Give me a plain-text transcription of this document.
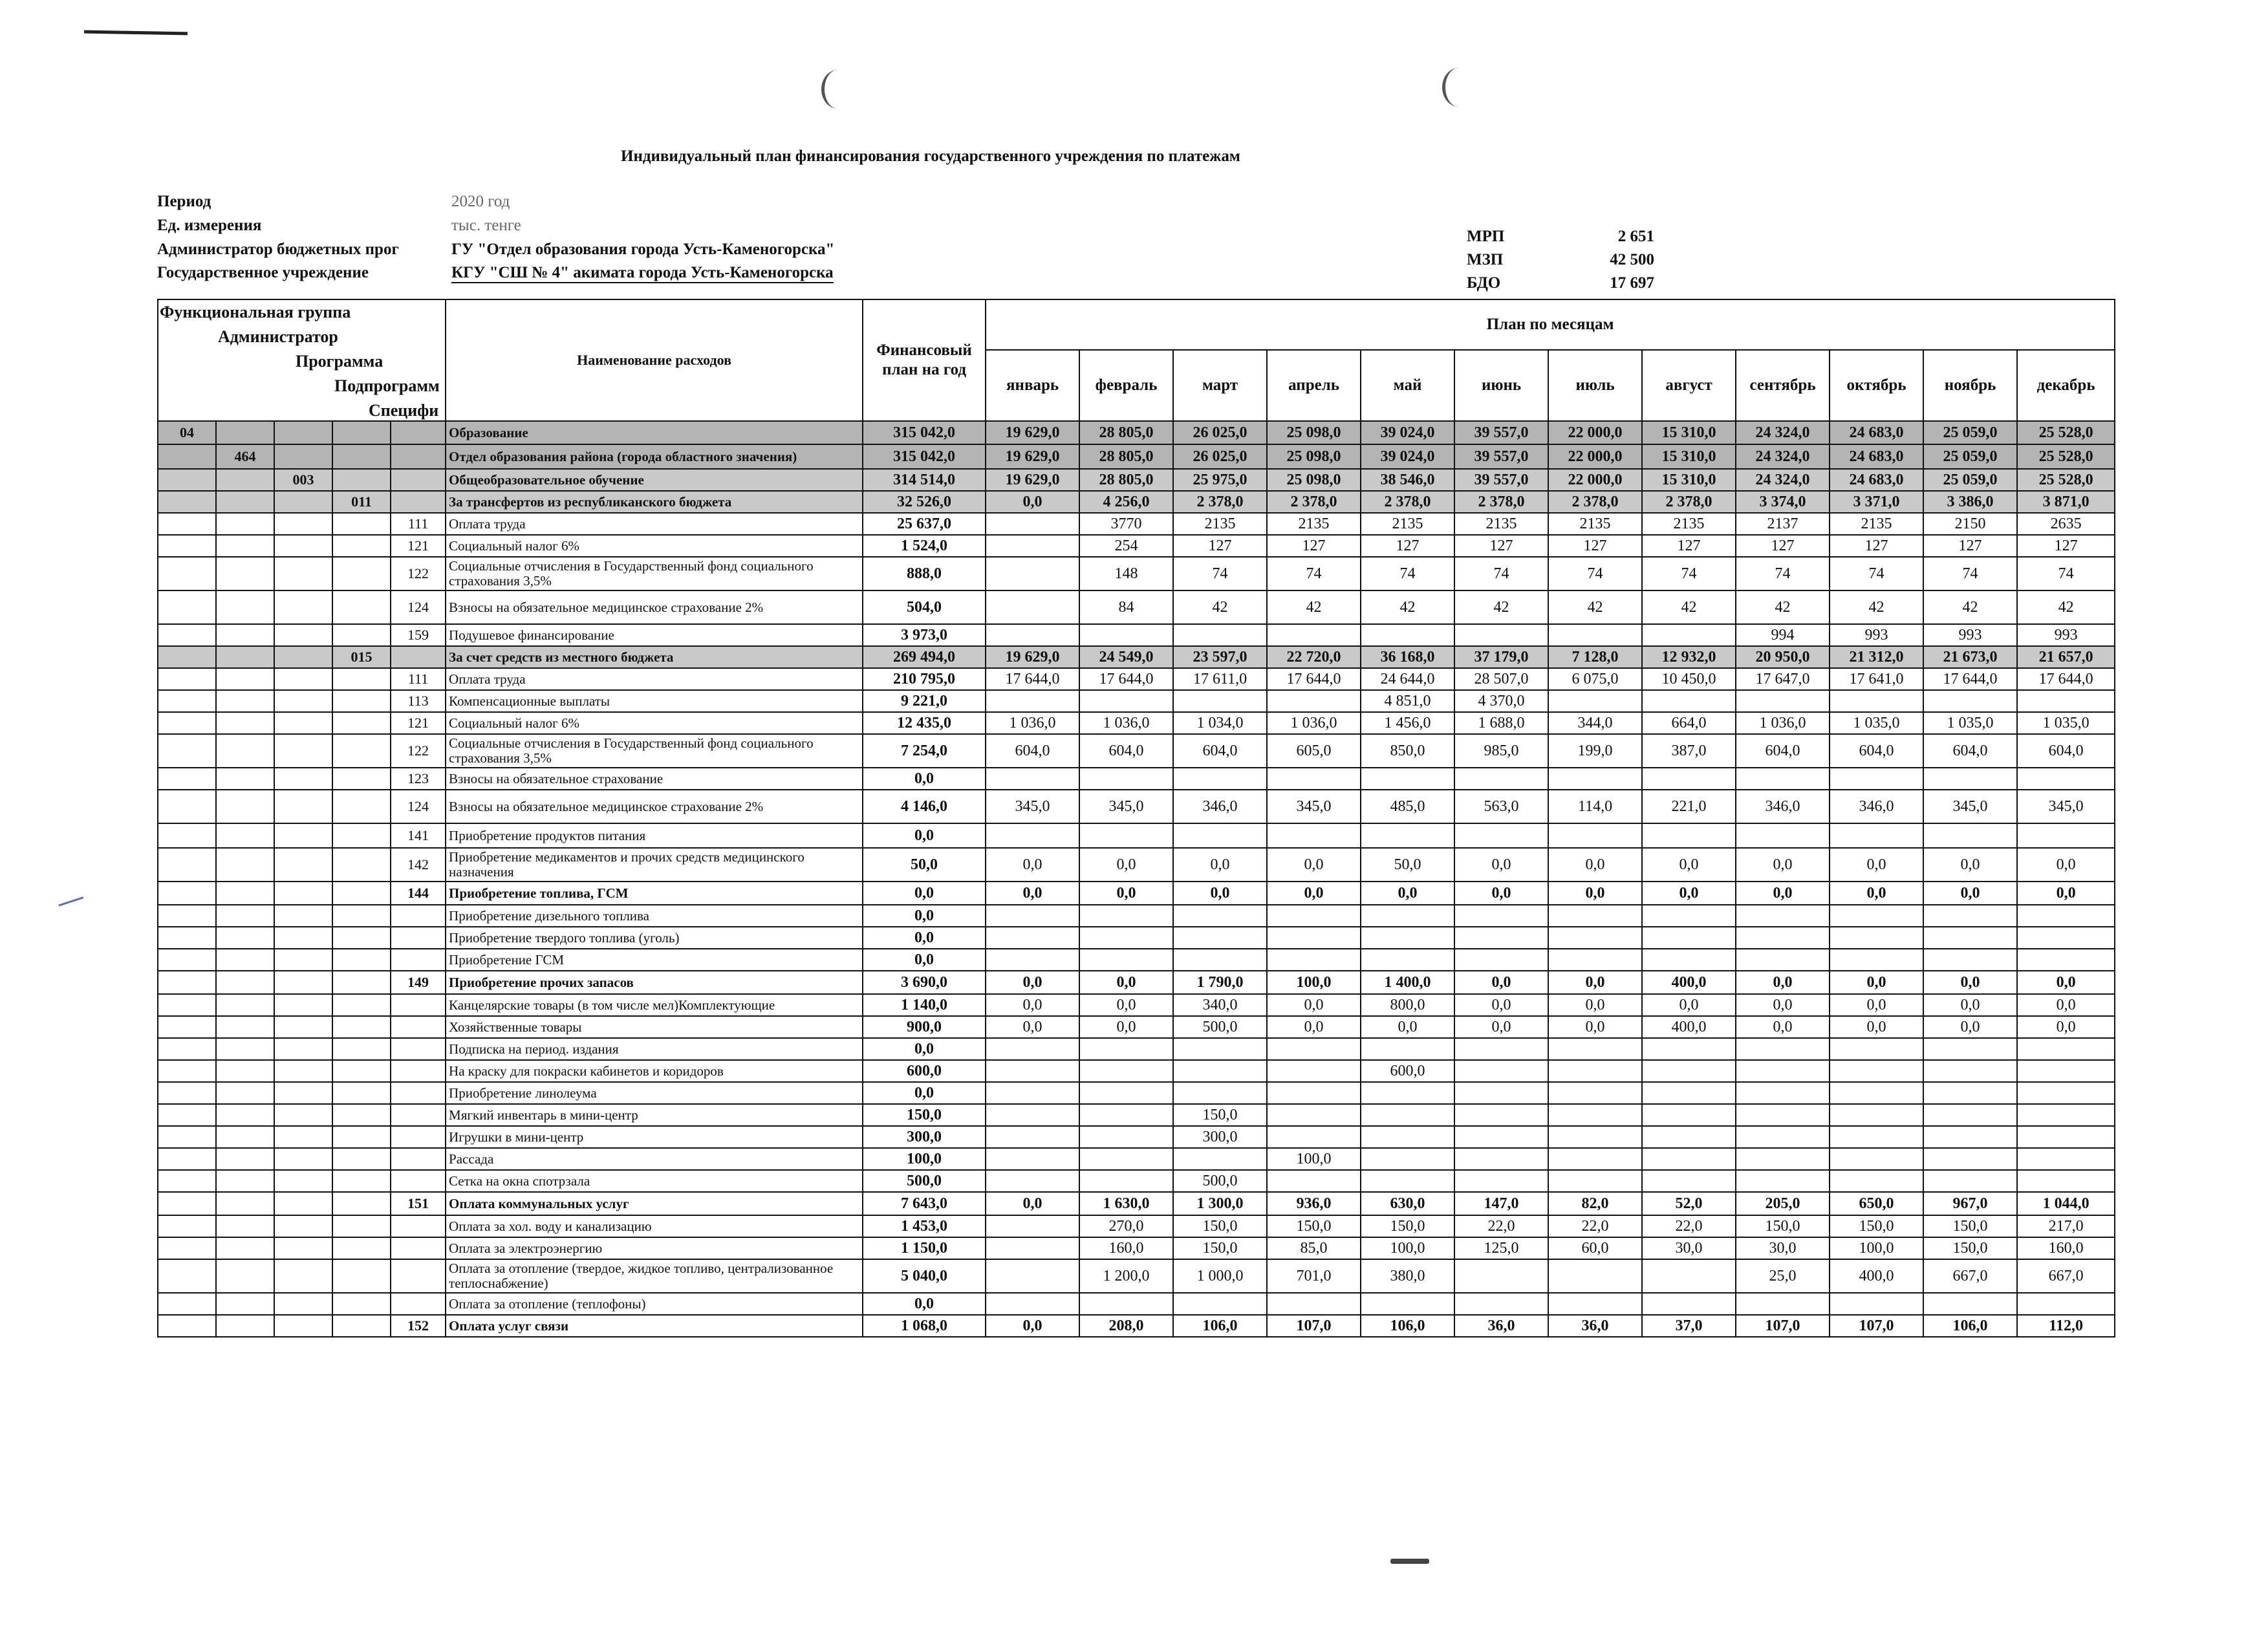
Индивидуальный план финансирования государственного учреждения по платежам
Период	2020 год
Ед. измерения	тыс. тенге
Администратор бюджетных прог	ГУ "Отдел образования города Усть-Каменогорска"
Государственное учреждение	КГУ "СШ № 4" акимата города Усть-Каменогорска
МРП	2 651
МЗП	42 500
БДО	17 697
Функциональная группа
Администратор
Программа
Подпрограмм
Специфи					Наименование расходов	Финансовый план на год	План по месяцам											
							январь	февраль	март	апрель	май	июнь	июль	август	сентябрь	октябрь	ноябрь	декабрь
04					Образование	315 042,0	19 629,0	28 805,0	26 025,0	25 098,0	39 024,0	39 557,0	22 000,0	15 310,0	24 324,0	24 683,0	25 059,0	25 528,0
	464				Отдел образования района (города областного значения)	315 042,0	19 629,0	28 805,0	26 025,0	25 098,0	39 024,0	39 557,0	22 000,0	15 310,0	24 324,0	24 683,0	25 059,0	25 528,0
		003			Общеобразовательное обучение	314 514,0	19 629,0	28 805,0	25 975,0	25 098,0	38 546,0	39 557,0	22 000,0	15 310,0	24 324,0	24 683,0	25 059,0	25 528,0
			011		За трансфертов из республиканского бюджета	32 526,0	0,0	4 256,0	2 378,0	2 378,0	2 378,0	2 378,0	2 378,0	2 378,0	3 374,0	3 371,0	3 386,0	3 871,0
				111	Оплата труда	25 637,0		3770	2135	2135	2135	2135	2135	2135	2137	2135	2150	2635
				121	Социальный налог 6%	1 524,0		254	127	127	127	127	127	127	127	127	127	127
				122	Социальные отчисления в Государственный фонд социального страхования 3,5%	888,0		148	74	74	74	74	74	74	74	74	74	74
				124	Взносы на обязательное медицинское страхование 2%	504,0		84	42	42	42	42	42	42	42	42	42	42
				159	Подушевое финансирование	3 973,0									994	993	993	993
			015		За счет средств из местного бюджета	269 494,0	19 629,0	24 549,0	23 597,0	22 720,0	36 168,0	37 179,0	7 128,0	12 932,0	20 950,0	21 312,0	21 673,0	21 657,0
				111	Оплата труда	210 795,0	17 644,0	17 644,0	17 611,0	17 644,0	24 644,0	28 507,0	6 075,0	10 450,0	17 647,0	17 641,0	17 644,0	17 644,0
				113	Компенсационные выплаты	9 221,0					4 851,0	4 370,0						
				121	Социальный налог 6%	12 435,0	1 036,0	1 036,0	1 034,0	1 036,0	1 456,0	1 688,0	344,0	664,0	1 036,0	1 035,0	1 035,0	1 035,0
				122	Социальные отчисления в Государственный фонд социального страхования 3,5%	7 254,0	604,0	604,0	604,0	605,0	850,0	985,0	199,0	387,0	604,0	604,0	604,0	604,0
				123	Взносы на обязательное страхование	0,0												
				124	Взносы на обязательное медицинское страхование 2%	4 146,0	345,0	345,0	346,0	345,0	485,0	563,0	114,0	221,0	346,0	346,0	345,0	345,0
				141	Приобретение продуктов питания	0,0												
				142	Приобретение медикаментов и прочих средств медицинского назначения	50,0	0,0	0,0	0,0	0,0	50,0	0,0	0,0	0,0	0,0	0,0	0,0	0,0
				144	Приобретение топлива, ГСМ	0,0	0,0	0,0	0,0	0,0	0,0	0,0	0,0	0,0	0,0	0,0	0,0	0,0
					Приобретение дизельного топлива	0,0												
					Приобретение твердого топлива (уголь)	0,0												
					Приобретение ГСМ	0,0												
				149	Приобретение прочих запасов	3 690,0	0,0	0,0	1 790,0	100,0	1 400,0	0,0	0,0	400,0	0,0	0,0	0,0	0,0
					Канцелярские товары (в том числе мел)Комплектующие	1 140,0	0,0	0,0	340,0	0,0	800,0	0,0	0,0	0,0	0,0	0,0	0,0	0,0
					Хозяйственные товары	900,0	0,0	0,0	500,0	0,0	0,0	0,0	0,0	400,0	0,0	0,0	0,0	0,0
					Подписка на период. издания	0,0												
					На краску для покраски кабинетов и коридоров	600,0					600,0							
					Приобретение линолеума	0,0												
					Мягкий инвентарь в мини-центр	150,0			150,0									
					Игрушки в мини-центр	300,0			300,0									
					Рассада	100,0				100,0								
					Сетка на окна спотрзала	500,0			500,0									
				151	Оплата коммунальных услуг	7 643,0	0,0	1 630,0	1 300,0	936,0	630,0	147,0	82,0	52,0	205,0	650,0	967,0	1 044,0
					Оплата за хол. воду и канализацию	1 453,0		270,0	150,0	150,0	150,0	22,0	22,0	22,0	150,0	150,0	150,0	217,0
					Оплата за электроэнергию	1 150,0		160,0	150,0	85,0	100,0	125,0	60,0	30,0	30,0	100,0	150,0	160,0
					Оплата за отопление (твердое, жидкое топливо, централизованное теплоснабжение)	5 040,0		1 200,0	1 000,0	701,0	380,0				25,0	400,0	667,0	667,0
					Оплата за отопление (теплофоны)	0,0												
				152	Оплата услуг связи	1 068,0	0,0	208,0	106,0	107,0	106,0	36,0	36,0	37,0	107,0	107,0	106,0	112,0
